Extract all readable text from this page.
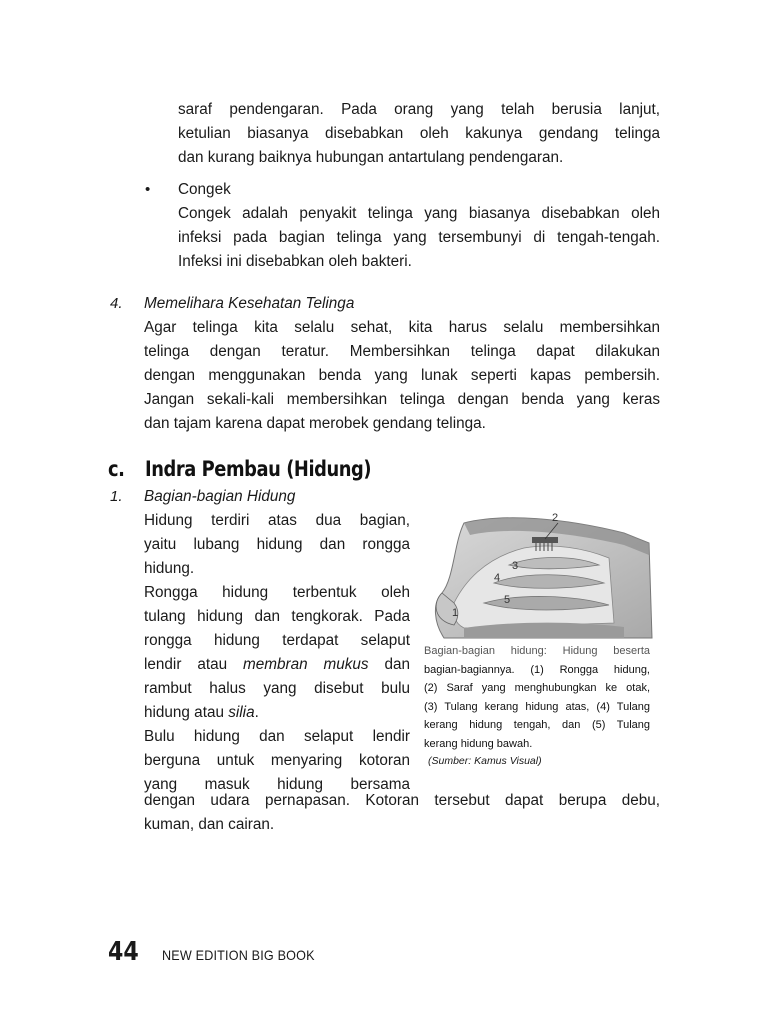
saraf pendengaran. Pada orang yang telah berusia lanjut,
ketulian biasanya disebabkan oleh kakunya gendang telinga
dan kurang baiknya hubungan antartulang pendengaran.
• Congek
Congek adalah penyakit telinga yang biasanya disebabkan oleh
infeksi pada bagian telinga yang tersembunyi di tengah-tengah.
Infeksi ini disebabkan oleh bakteri.
4. Memelihara Kesehatan Telinga
Agar telinga kita selalu sehat, kita harus selalu membersihkan
telinga dengan teratur. Membersihkan telinga dapat dilakukan
dengan menggunakan benda yang lunak seperti kapas pembersih.
Jangan sekali-kali membersihkan telinga dengan benda yang keras
dan tajam karena dapat merobek gendang telinga.
c. Indra Pembau (Hidung)
1. Bagian-bagian Hidung
Hidung terdiri atas dua bagian,
yaitu lubang hidung dan rongga
hidung.
Rongga hidung terbentuk oleh
tulang hidung dan tengkorak. Pada
rongga hidung terdapat selaput
lendir atau membran mukus dan
rambut halus yang disebut bulu
hidung atau silia.
Bulu hidung dan selaput lendir
berguna untuk menyaring kotoran
yang masuk hidung bersama
dengan udara pernapasan. Kotoran tersebut dapat berupa debu,
kuman, dan cairan.
2
3
4
5
1
Bagian-bagian hidung: Hidung beserta
bagian-bagiannya. (1) Rongga hidung,
(2) Saraf yang menghubungkan ke otak,
(3) Tulang kerang hidung atas, (4) Tulang
kerang hidung tengah, dan (5) Tulang
kerang hidung bawah.
(Sumber: Kamus Visual)
44 NEW EDITION BIG BOOK
